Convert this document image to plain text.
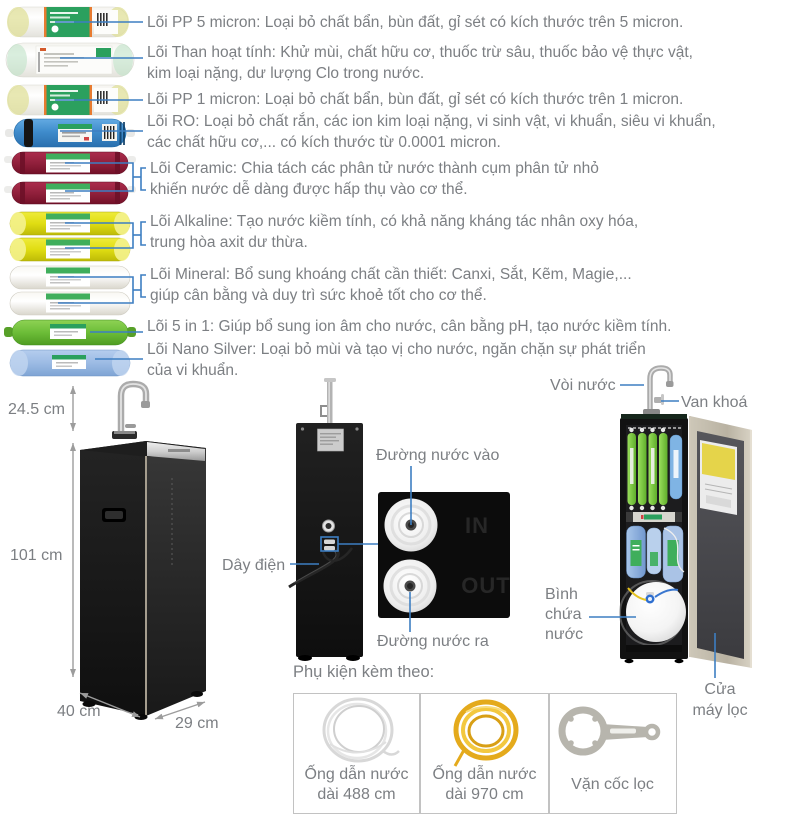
IN
OUT
Lõi PP 5 micron: Loại bỏ chất bẩn, bùn đất, gỉ sét có kích thước trên 5 micron.
Lõi Than hoạt tính: Khử mùi, chất hữu cơ, thuốc trừ sâu, thuốc bảo vệ thực vật,
kim loại nặng, dư lượng Clo trong nước.
Lõi PP 1 micron: Loại bỏ chất bẩn, bùn đất, gỉ sét có kích thước trên 1 micron.
Lõi RO: Loại bỏ chất rắn, các ion kim loại nặng, vi sinh vật, vi khuẩn, siêu vi khuẩn,
các chất hữu cơ,... có kích thước từ 0.0001 micron.
Lõi Ceramic: Chia tách các phân tử nước thành cụm phân tử nhỏ
khiến nước dễ dàng được hấp thụ vào cơ thể.
Lõi Alkaline: Tạo nước kiềm tính, có khả năng kháng tác nhân oxy hóa,
trung hòa axit dư thừa.
Lõi Mineral: Bổ sung khoáng chất cần thiết: Canxi, Sắt, Kẽm, Magie,...
giúp cân bằng và duy trì sức khoẻ tốt cho cơ thể.
Lõi 5 in 1: Giúp bổ sung ion âm cho nước, cân bằng pH, tạo nước kiềm tính.
Lõi Nano Silver: Loại bỏ mùi và tạo vị cho nước, ngăn chặn sự phát triển
của vi khuẩn.
24.5 cm
101 cm
40 cm
29 cm
Vòi nước
Van khoá
Dây điện
Đường nước vào
Đường nước ra
Bình
chứa
nước
Cửa
máy lọc
Phụ kiện kèm theo:
Ống dẫn nước
dài 488 cm
Ống dẫn nước
dài 970 cm
Vặn cốc lọc
